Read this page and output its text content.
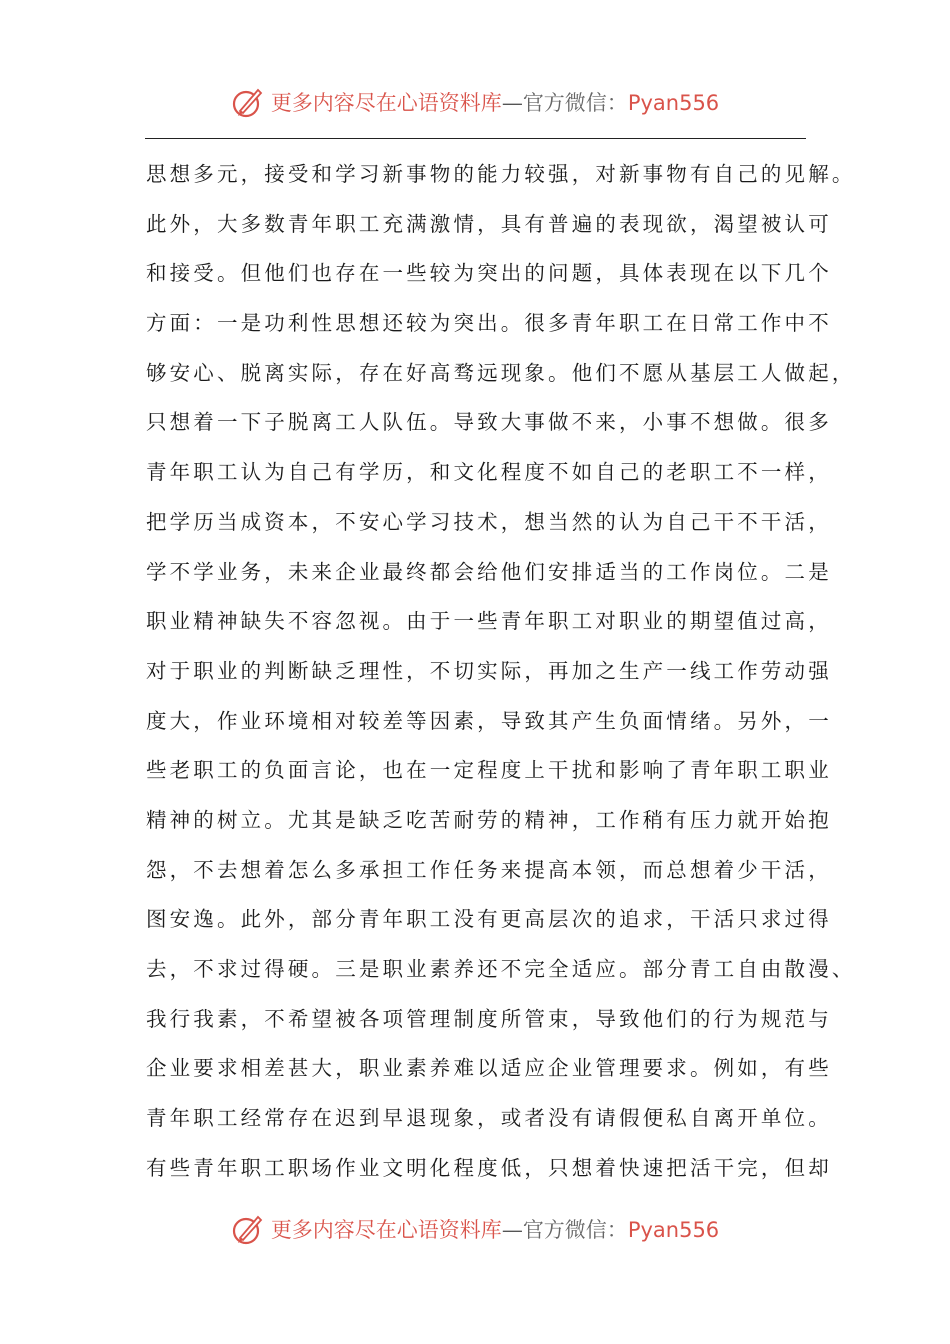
更多内容尽在心语资料库—官方微信：Pyan556
思想多元，接受和学习新事物的能力较强，对新事物有自己的见解。
此外，大多数青年职工充满激情，具有普遍的表现欲，渴望被认可
和接受。但他们也存在一些较为突出的问题，具体表现在以下几个
方面：一是功利性思想还较为突出。很多青年职工在日常工作中不
够安心、脱离实际，存在好高骛远现象。他们不愿从基层工人做起，
只想着一下子脱离工人队伍。导致大事做不来，小事不想做。很多
青年职工认为自己有学历，和文化程度不如自己的老职工不一样，
把学历当成资本，不安心学习技术，想当然的认为自己干不干活，
学不学业务，未来企业最终都会给他们安排适当的工作岗位。二是
职业精神缺失不容忽视。由于一些青年职工对职业的期望值过高，
对于职业的判断缺乏理性，不切实际，再加之生产一线工作劳动强
度大，作业环境相对较差等因素，导致其产生负面情绪。另外，一
些老职工的负面言论，也在一定程度上干扰和影响了青年职工职业
精神的树立。尤其是缺乏吃苦耐劳的精神，工作稍有压力就开始抱
怨，不去想着怎么多承担工作任务来提高本领，而总想着少干活，
图安逸。此外，部分青年职工没有更高层次的追求，干活只求过得
去，不求过得硬。三是职业素养还不完全适应。部分青工自由散漫、
我行我素，不希望被各项管理制度所管束，导致他们的行为规范与
企业要求相差甚大，职业素养难以适应企业管理要求。例如，有些
青年职工经常存在迟到早退现象，或者没有请假便私自离开单位。
有些青年职工职场作业文明化程度低，只想着快速把活干完，但却
更多内容尽在心语资料库—官方微信：Pyan556
